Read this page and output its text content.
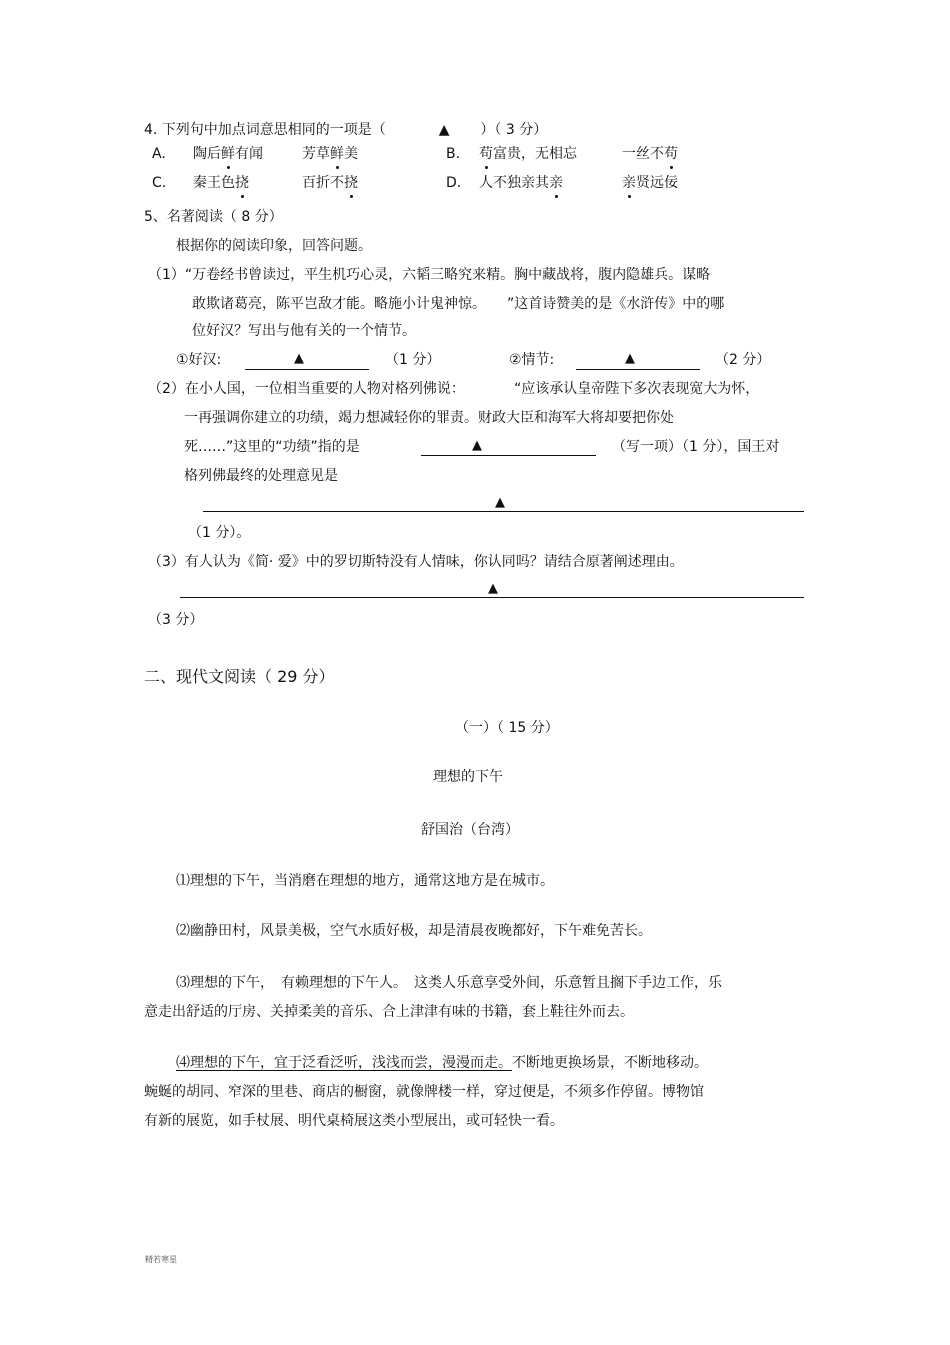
4. 下列句中加点词意思相同的一项是（	▲ ）（ 3 分）
A. 陶后鲜有闻	芳草鲜美	B. 苟富贵，无相忘	一丝不苟
C. 秦王色挠	百折不挠	D. 人不独亲其亲	亲贤远佞
5、名著阅读（ 8 分）
根据你的阅读印象，回答问题。
（1）“万卷经书曾读过，平生机巧心灵，六韬三略究来精。胸中藏战将，腹内隐雄兵。谋略
敢欺诸葛亮，陈平岂敌才能。略施小计鬼神惊。　　”这首诗赞美的是《水浒传》中的哪
位好汉？写出与他有关的一个情节。
①好汉:	▲	（1 分）	②情节:	▲	（2 分）
（2）在小人国，一位相当重要的人物对格列佛说：	“应该承认皇帝陛下多次表现宽大为怀，
一再强调你建立的功绩，竭力想减轻你的罪责。财政大臣和海军大将却要把你处
死……”这里的“功绩”指的是	▲	（写一项）（1 分），国王对
格列佛最终的处理意见是
▲
（1 分）。
（3）有人认为《简· 爱》中的罗切斯特没有人情味，你认同吗？请结合原著阐述理由。
▲
（3 分）
二、现代文阅读（ 29 分）
（一）（ 15 分）
理想的下午
舒国治（台湾）
⑴理想的下午，当消磨在理想的地方，通常这地方是在城市。
⑵幽静田村，风景美极，空气水质好极，却是清晨夜晚都好，下午难免苦长。
⑶理想的下午，　有赖理想的下午人。　这类人乐意享受外间，乐意暂且搁下手边工作，乐
意走出舒适的厅房、关掉柔美的音乐、合上津津有味的书籍，套上鞋往外而去。
⑷理想的下午，宜于泛看泛听，浅浅而尝，漫漫而走。不断地更换场景，不断地移动。
蜿蜒的胡同、窄深的里巷、商店的橱窗，就像牌楼一样，穿过便是，不须多作停留。博物馆
有新的展览，如手杖展、明代桌椅展这类小型展出，或可轻快一看。
精若寒星
